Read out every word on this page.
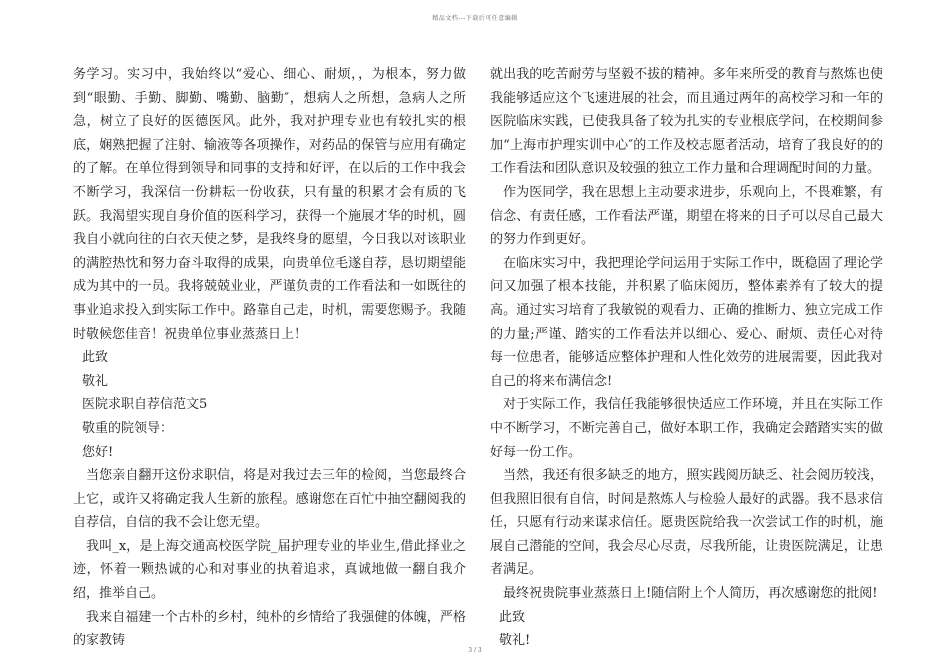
精品文档---下载后可任意编辑

务学习。实习中，我始终以“爱心、细心、耐烦，，为根本，努力做到“眼勤、手勤、脚勤、嘴勤、脑勤″，想病人之所想，急病人之所急，树立了良好的医德医风。此外，我对护理专业也有较扎实的根底，娴熟把握了注射、输液等各项操作，对药品的保管与应用有确定的了解。在单位得到领导和同事的支持和好评，在以后的工作中我会不断学习，我深信一份耕耘一份收获，只有量的积累才会有质的飞跃。我渴望实现自身价值的医科学习，获得一个施展才华的时机，圆我自小就向往的白衣天使之梦，是我终身的愿望，今日我以对该职业的满腔热忱和努力奋斗取得的成果，向贵单位毛遂自荐，恳切期望能成为其中的一员。我将兢兢业业，严谨负责的工作看法和一如既往的事业追求投入到实际工作中。路靠自己走，时机，需要您赐予。我随时敬候您佳音！祝贵单位事业蒸蒸日上！

此致

敬礼

医院求职自荐信范文5

敬重的院领导：

您好!

当您亲自翻开这份求职信，将是对我过去三年的检阅，当您最终合上它，或许又将确定我人生新的旅程。感谢您在百忙中抽空翻阅我的自荐信，自信的我不会让您无望。

我叫_x，是上海交通高校医学院_届护理专业的毕业生,借此择业之迹，怀着一颗热诚的心和对事业的执着追求，真诚地做一翻自我介绍，推举自己。

我来自福建一个古朴的乡村，纯朴的乡情给了我强健的体魄，严格的家教铸

就出我的吃苦耐劳与坚毅不拔的精神。多年来所受的教育与熬炼也使我能够适应这个飞速进展的社会，而且通过两年的高校学习和一年的医院临床实践，已使我具备了较为扎实的专业根底学问，在校期间参加“上海市护理实训中心″的工作及校志愿者活动，培育了我良好的的工作看法和团队意识及较强的独立工作力量和合理调配时间的力量。

作为医同学，我在思想上主动要求进步，乐观向上，不畏难繁，有信念、有责任感，工作看法严谨，期望在将来的日子可以尽自己最大的努力作到更好。

在临床实习中，我把理论学问运用于实际工作中，既稳固了理论学问又加强了根本技能，并积累了临床阅历，整体素养有了较大的提高。通过实习培育了我敏锐的观看力、正确的推断力、独立完成工作的力量;严谨、踏实的工作看法并以细心、爱心、耐烦、责任心对待每一位患者，能够适应整体护理和人性化效劳的进展需要，因此我对自己的将来布满信念!

对于实际工作，我信任我能够很快适应工作环境，并且在实际工作中不断学习，不断完善自己，做好本职工作，我确定会踏踏实实的做好每一份工作。

当然，我还有很多缺乏的地方，照实践阅历缺乏、社会阅历较浅，但我照旧很有自信，时间是熬炼人与检验人最好的武器。我不恳求信任，只愿有行动来谋求信任。愿贵医院给我一次尝试工作的时机，施展自己潜能的空间，我会尽心尽责，尽我所能，让贵医院满足，让患者满足。

最终祝贵院事业蒸蒸日上!随信附上个人简历，再次感谢您的批阅!

此致

敬礼!

3 / 3
